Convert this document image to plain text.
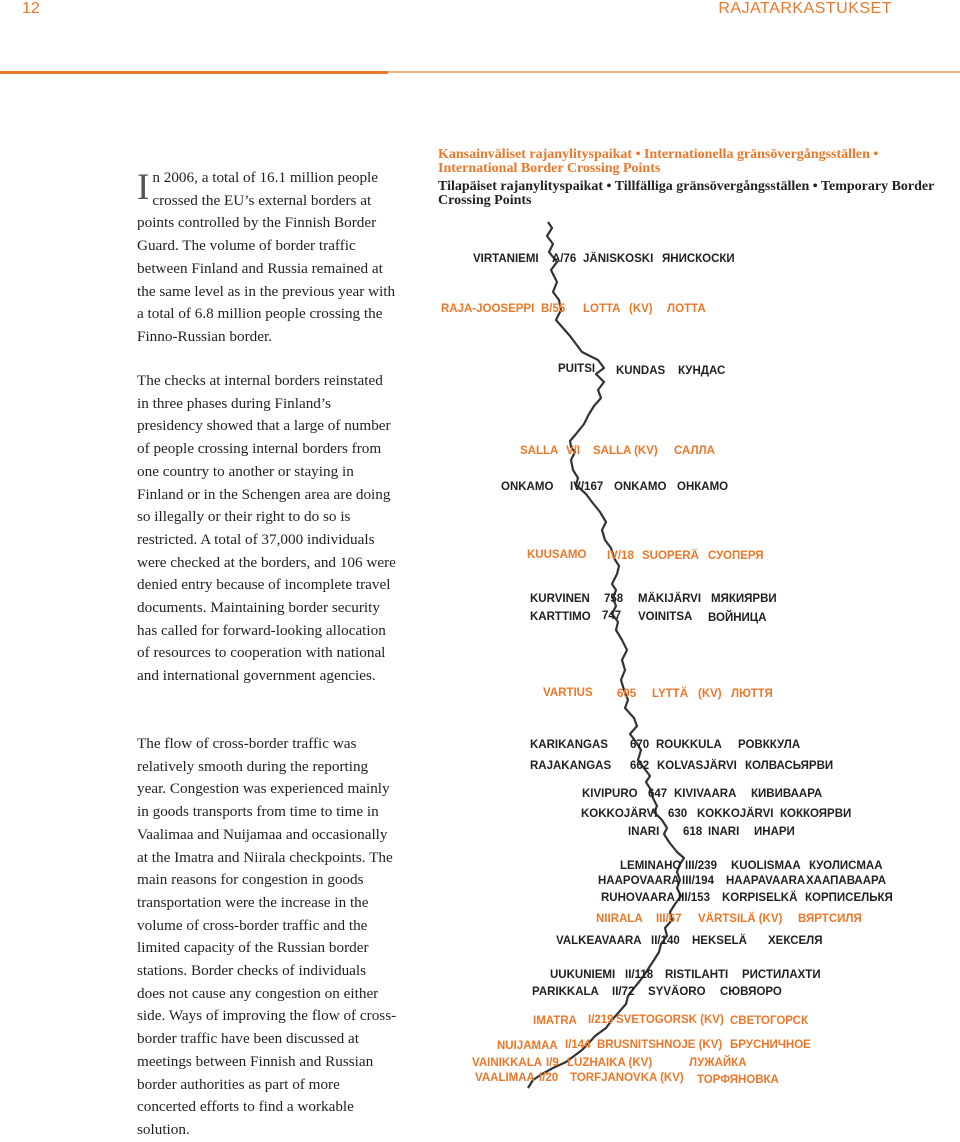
12	RAJATARKASTUKSET
In 2006, a total of 16.1 million people crossed the EU’s external borders at points controlled by the Finnish Border Guard. The volume of border traffic between Finland and Russia remained at the same level as in the previous year with a total of 6.8 million people crossing the Finno-Russian border.
The checks at internal borders reinstated in three phases during Finland’s presidency showed that a large of number of people crossing internal borders from one country to another or staying in Finland or in the Schengen area are doing so illegally or their right to do so is restricted. A total of 37,000 individuals were checked at the borders, and 106 were denied entry because of incomplete travel documents. Maintaining border security has called for forward-looking allocation of resources to cooperation with national and international government agencies.
The flow of cross-border traffic was relatively smooth during the reporting year. Congestion was experienced mainly in goods transports from time to time in Vaalimaa and Nuijamaa and occasionally at the Imatra and Niirala checkpoints. The main reasons for congestion in goods transportation were the increase in the volume of cross-border traffic and the limited capacity of the Russian border stations. Border checks of individuals does not cause any congestion on either side. Ways of improving the flow of cross-border traffic have been discussed at meetings between Finnish and Russian border authorities as part of more concerted efforts to find a workable solution.
Kansainväliset rajanylityspaikat • Internationella gränsövergångsställen • International Border Crossing Points
Tilapäiset rajanylityspaikat • Tillfälliga gränsövergångsställen • Temporary Border Crossing Points
VIRTANIEMI A/76 JÄNISKOSKI ЯНИСКОСКИ
RAJA-JOOSEPPI B/55 LOTTA (KV) ЛОТТА
PUITSI KUNDAS КУНДАС
SALLA V/I SALLA (KV) САЛЛА
ONKAMO IV/167 ONKAMO ОНКАМО
KUUSAMO IV/18 SUOPERÄ СУОПЕРЯ
KURVINEN 758 MÄKIJÄRVI МЯКИЯРВИ
KARTTIMO 747 VOINITSA ВОЙНИЦА
VARTIUS 695 LYTTÄ (KV) ЛЮТТЯ
KARIKANGAS 670 ROUKKULA РОВККУЛА
RAJAKANGAS 662 KOLVASJÄRVI КОЛВАСЬЯРВИ
KIVIPURO 647 KIVIVAARA КИВИВААРА
KOKKOJÄRVI 630 KOKKOJÄRVI КОККОЯРВИ
INARI 618 INARI ИНАРИ
LEMINAHO III/239 KUOLISMAA КУОЛИСМАА
HAAPOVAARA III/194 HAAPAVAARA ХААПАВААРА
RUHOVAARA III/153 KORPISELKÄ КОРПИСЕЛЬКЯ
NIIRALA III/67 VÄRTSILÄ (KV) ВЯРТСИЛЯ
VALKEAVAARA II/140 HEKSELÄ ХЕКСЕЛЯ
UUKUNIEMI II/118 RISTILAHTI РИСТИЛАХТИ
PARIKKALA II/72 SYVÄORO СЮВЯОРО
IMATRA I/219 SVETOGORSK (KV) СВЕТОГОРСК
NUIJAMAA I/144 BRUSNITSHNOJE (KV) БРУСНИЧНОЕ
VAINIKKALA I/9 LUZHAIKA (KV)	ЛУЖАЙКА
VAALIMAA I/20 TORFJANOVKA (KV) ТОРФЯНОВКА
